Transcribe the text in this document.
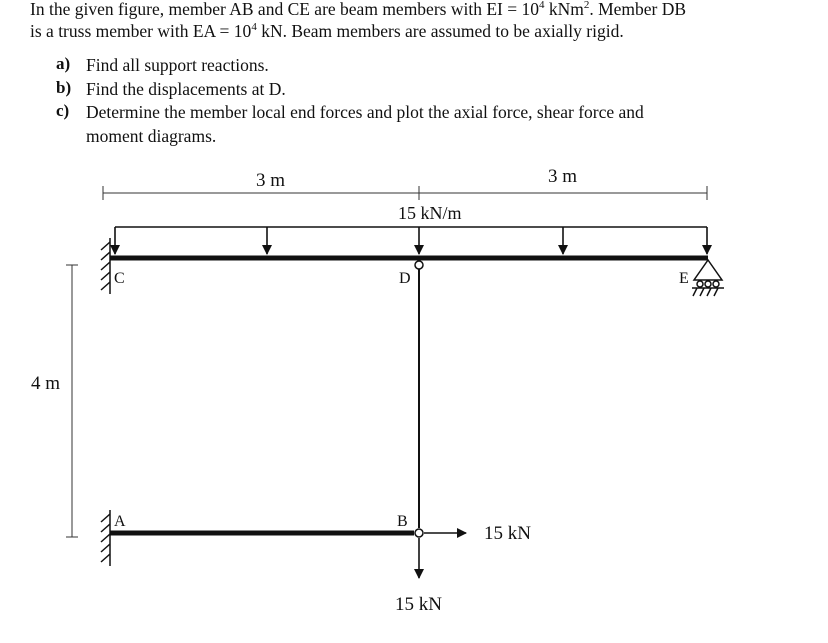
In the given figure, member AB and CE are beam members with EI = $10^4$ kNm$^2$. Member DB
is a truss member with EA = $10^4$ kN. Beam members are assumed to be axially rigid.
a) Find all support reactions.
b) Find the displacements at D.
c) Determine the member local end forces and plot the axial force, shear force and
moment diagrams.
3 m	3 m
15 kN/m
C	E
D
4 m
A	B
15 kN
15 kN
